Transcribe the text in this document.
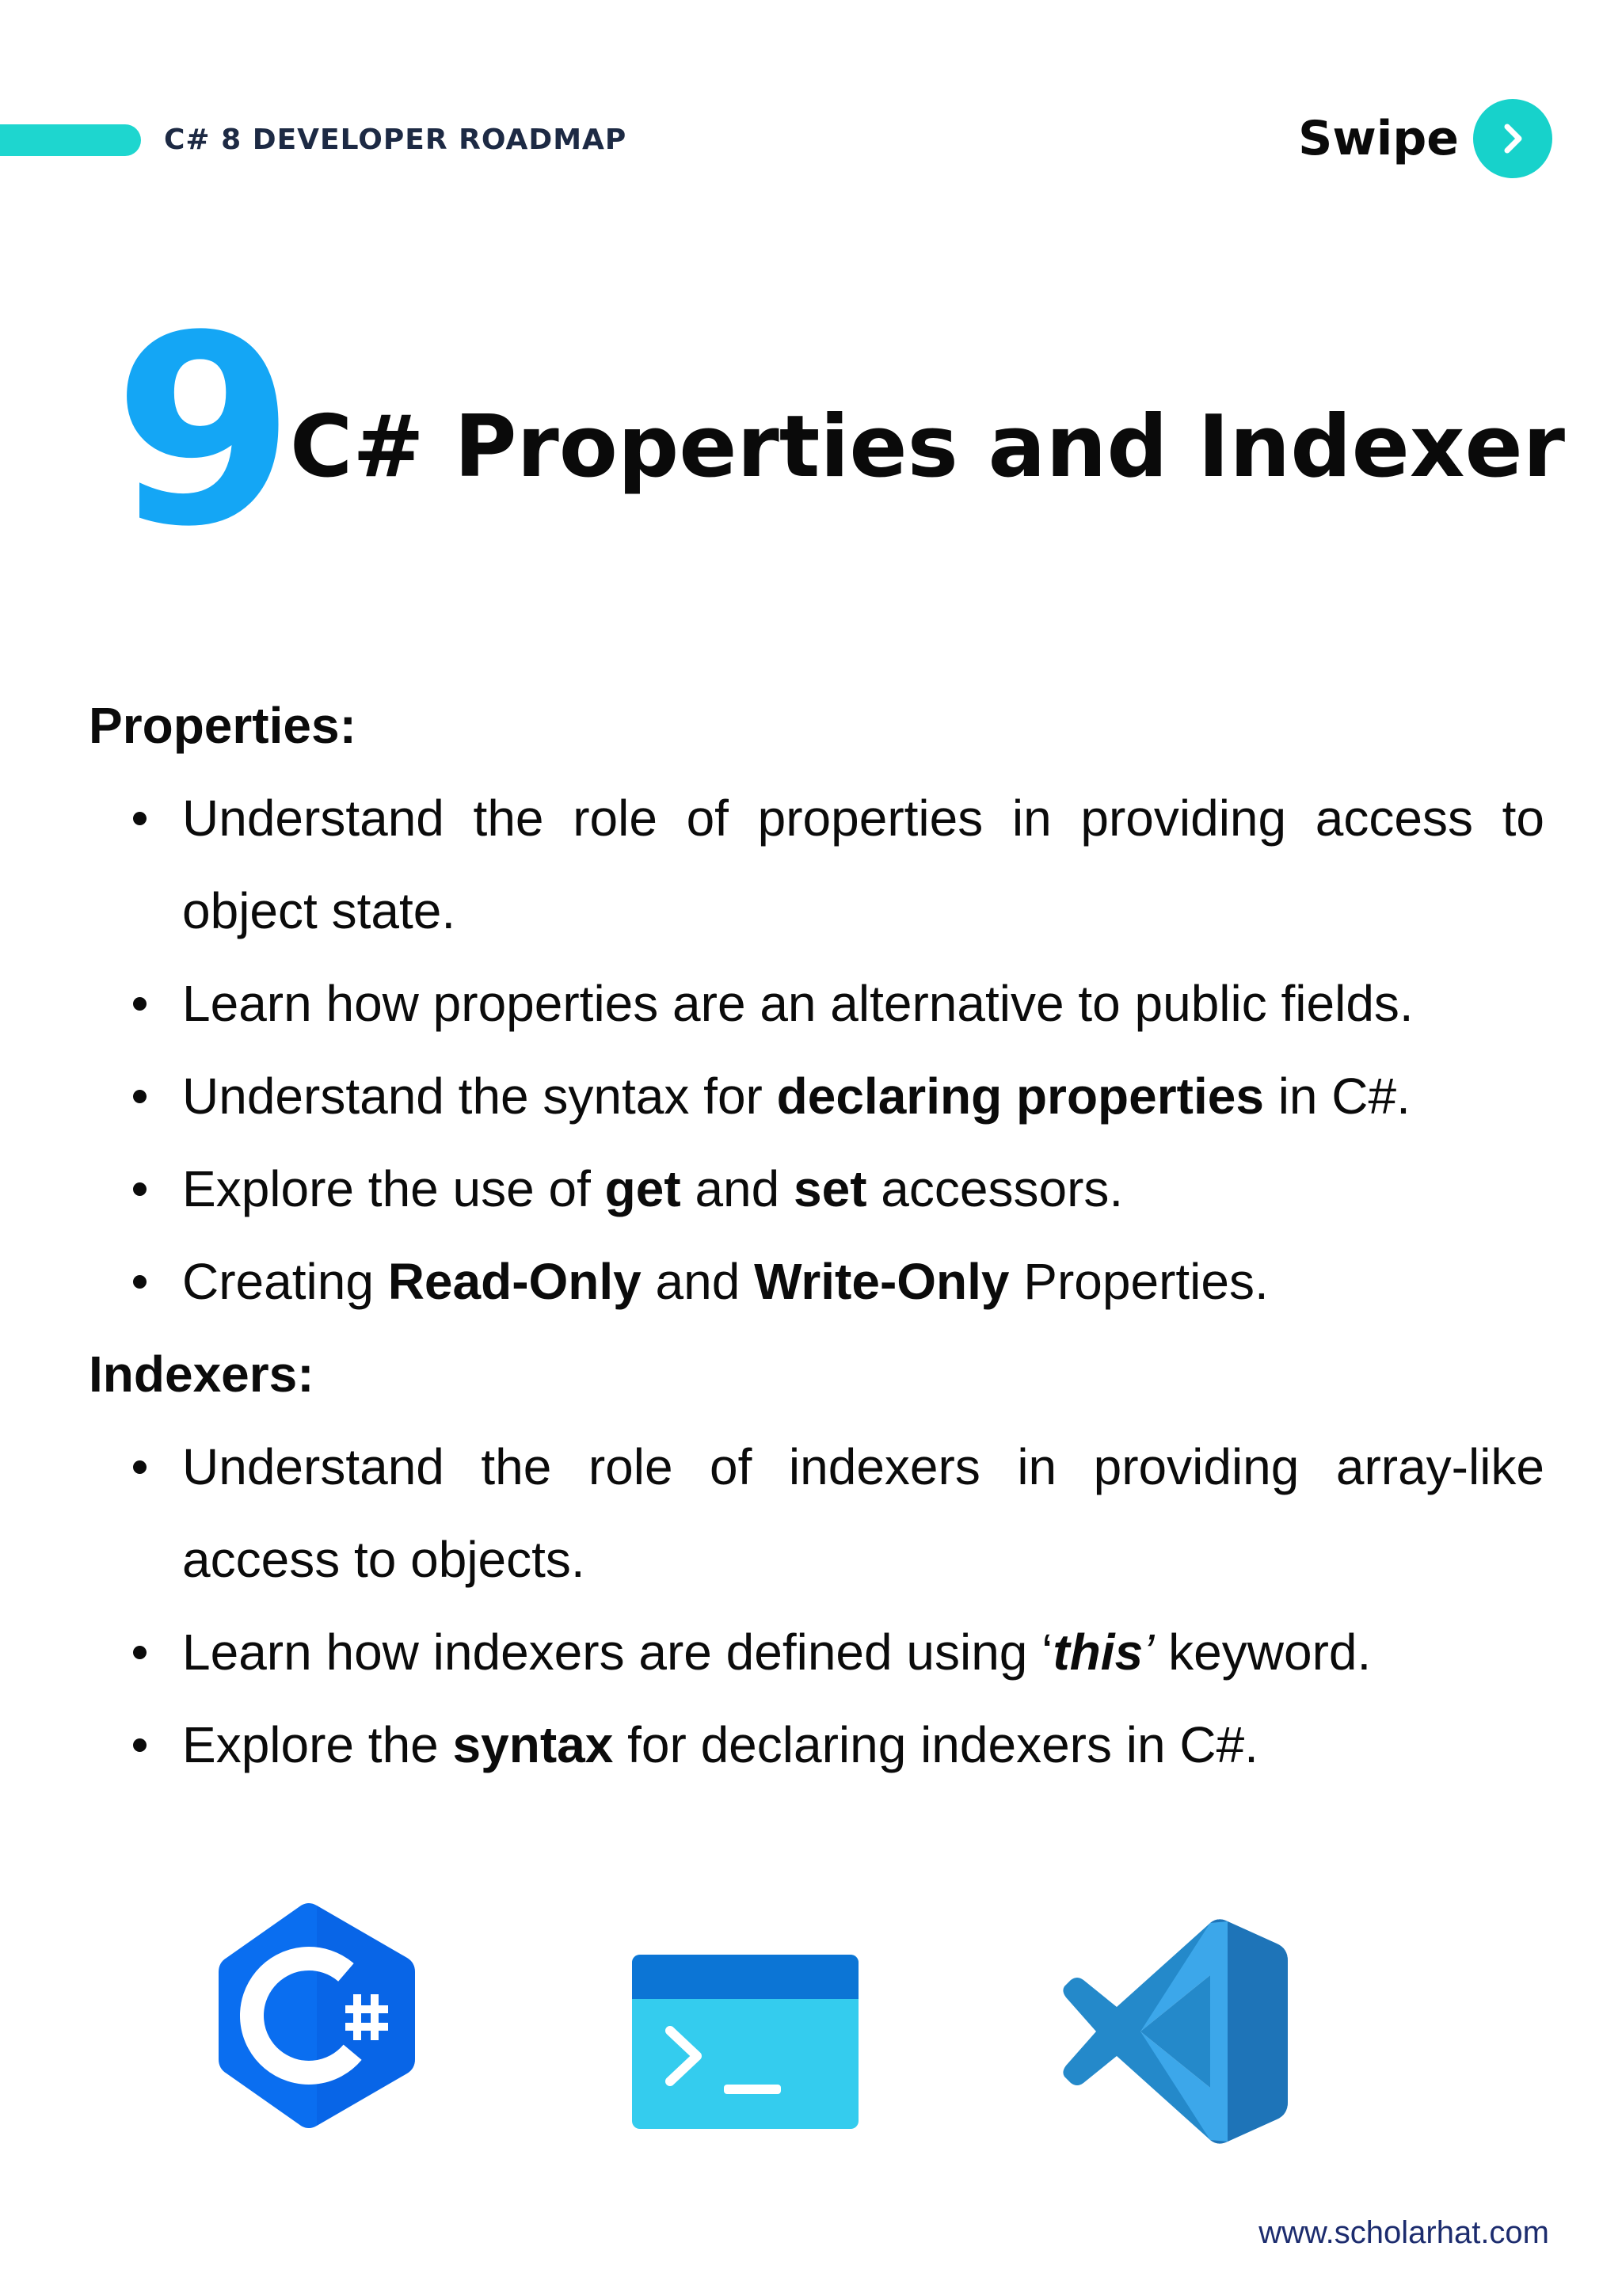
C# 8 DEVELOPER ROADMAP	Swipe
9
C# Properties and Indexer
Properties:
Understand the role of properties in providing access to object state.
Learn how properties are an alternative to public fields.
Understand the syntax for declaring properties in C#.
Explore the use of get and set accessors.
Creating Read-Only and Write-Only Properties.
Indexers:
Understand the role of indexers in providing array-like access to objects.
Learn how indexers are defined using ‘this’ keyword.
Explore the syntax for declaring indexers in C#.
www.scholarhat.com
